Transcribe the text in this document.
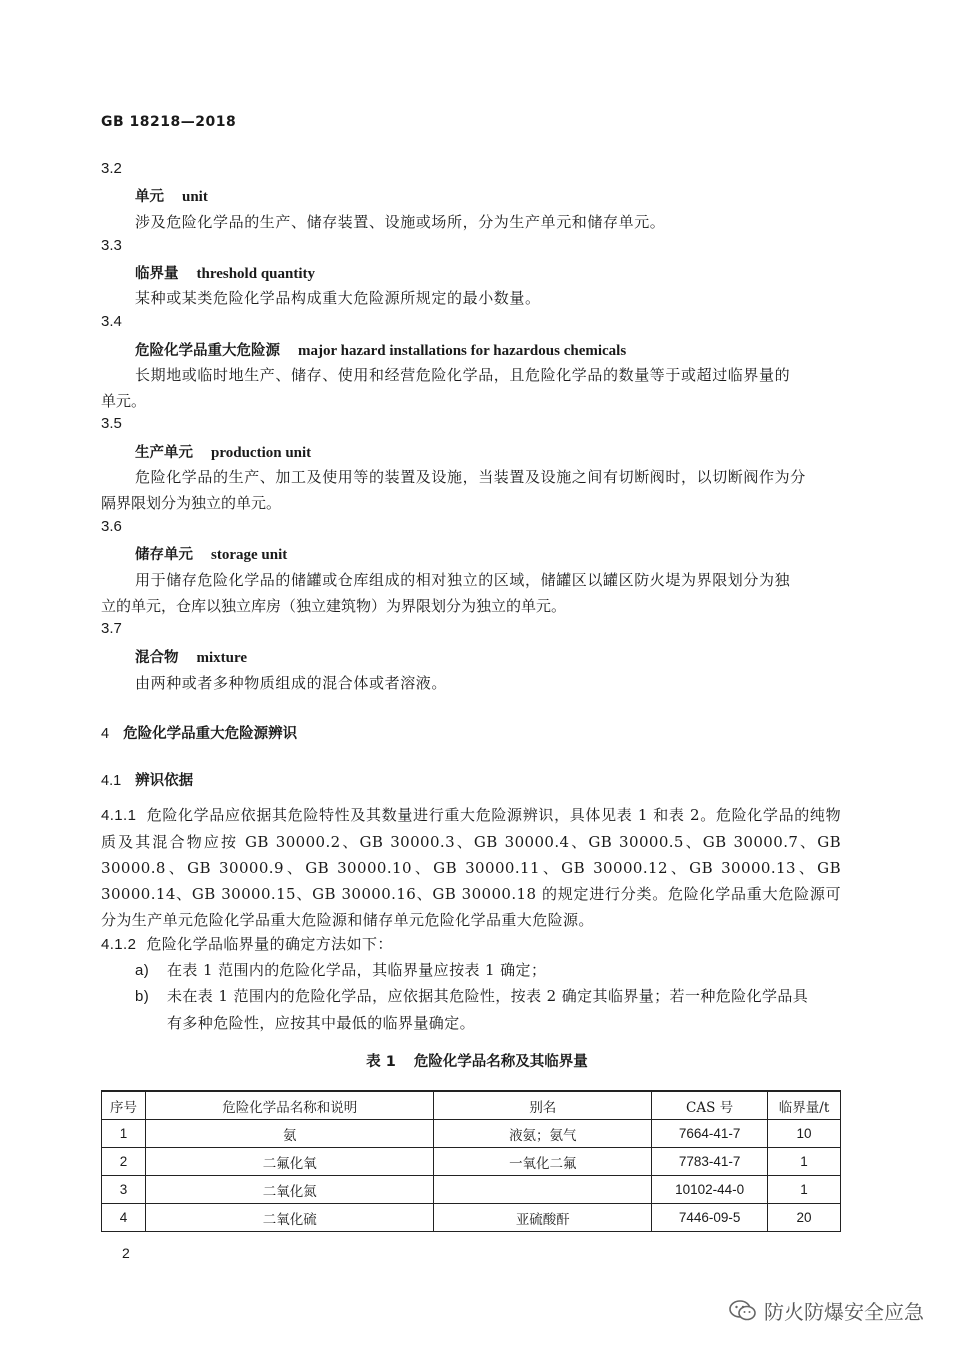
GB 18218—2018
3.2
单元 unit
涉及危险化学品的生产、储存装置、设施或场所，分为生产单元和储存单元。
3.3
临界量 threshold quantity
某种或某类危险化学品构成重大危险源所规定的最小数量。
3.4
危险化学品重大危险源 major hazard installations for hazardous chemicals
长期地或临时地生产、储存、使用和经营危险化学品，且危险化学品的数量等于或超过临界量的
单元。
3.5
生产单元 production unit
危险化学品的生产、加工及使用等的装置及设施，当装置及设施之间有切断阀时，以切断阀作为分
隔界限划分为独立的单元。
3.6
储存单元 storage unit
用于储存危险化学品的储罐或仓库组成的相对独立的区域，储罐区以罐区防火堤为界限划分为独
立的单元，仓库以独立库房（独立建筑物）为界限划分为独立的单元。
3.7
混合物 mixture
由两种或者多种物质组成的混合体或者溶液。
4 危险化学品重大危险源辨识
4.1 辨识依据
4.1.1 危险化学品应依据其危险特性及其数量进行重大危险源辨识，具体见表 1 和表 2。危险化学品的纯物质及其混合物应按 GB 30000.2、GB 30000.3、GB 30000.4、GB 30000.5、GB 30000.7、GB 30000.8、GB 30000.9、GB 30000.10、GB 30000.11、GB 30000.12、GB 30000.13、GB 30000.14、GB 30000.15、GB 30000.16、GB 30000.18 的规定进行分类。危险化学品重大危险源可分为生产单元危险化学品重大危险源和储存单元危险化学品重大危险源。
4.1.2 危险化学品临界量的确定方法如下：
a) 在表 1 范围内的危险化学品，其临界量应按表 1 确定；
b) 未在表 1 范围内的危险化学品，应依据其危险性，按表 2 确定其临界量；若一种危险化学品具
有多种危险性，应按其中最低的临界量确定。
表 1 危险化学品名称及其临界量
序号	危险化学品名称和说明	别名	CAS 号	临界量/t
1	氨	液氨；氨气	7664-41-7	10
2	二氟化氧	一氧化二氟	7783-41-7	1
3	二氧化氮		10102-44-0	1
4	二氧化硫	亚硫酸酐	7446-09-5	20
2
防火防爆安全应急
